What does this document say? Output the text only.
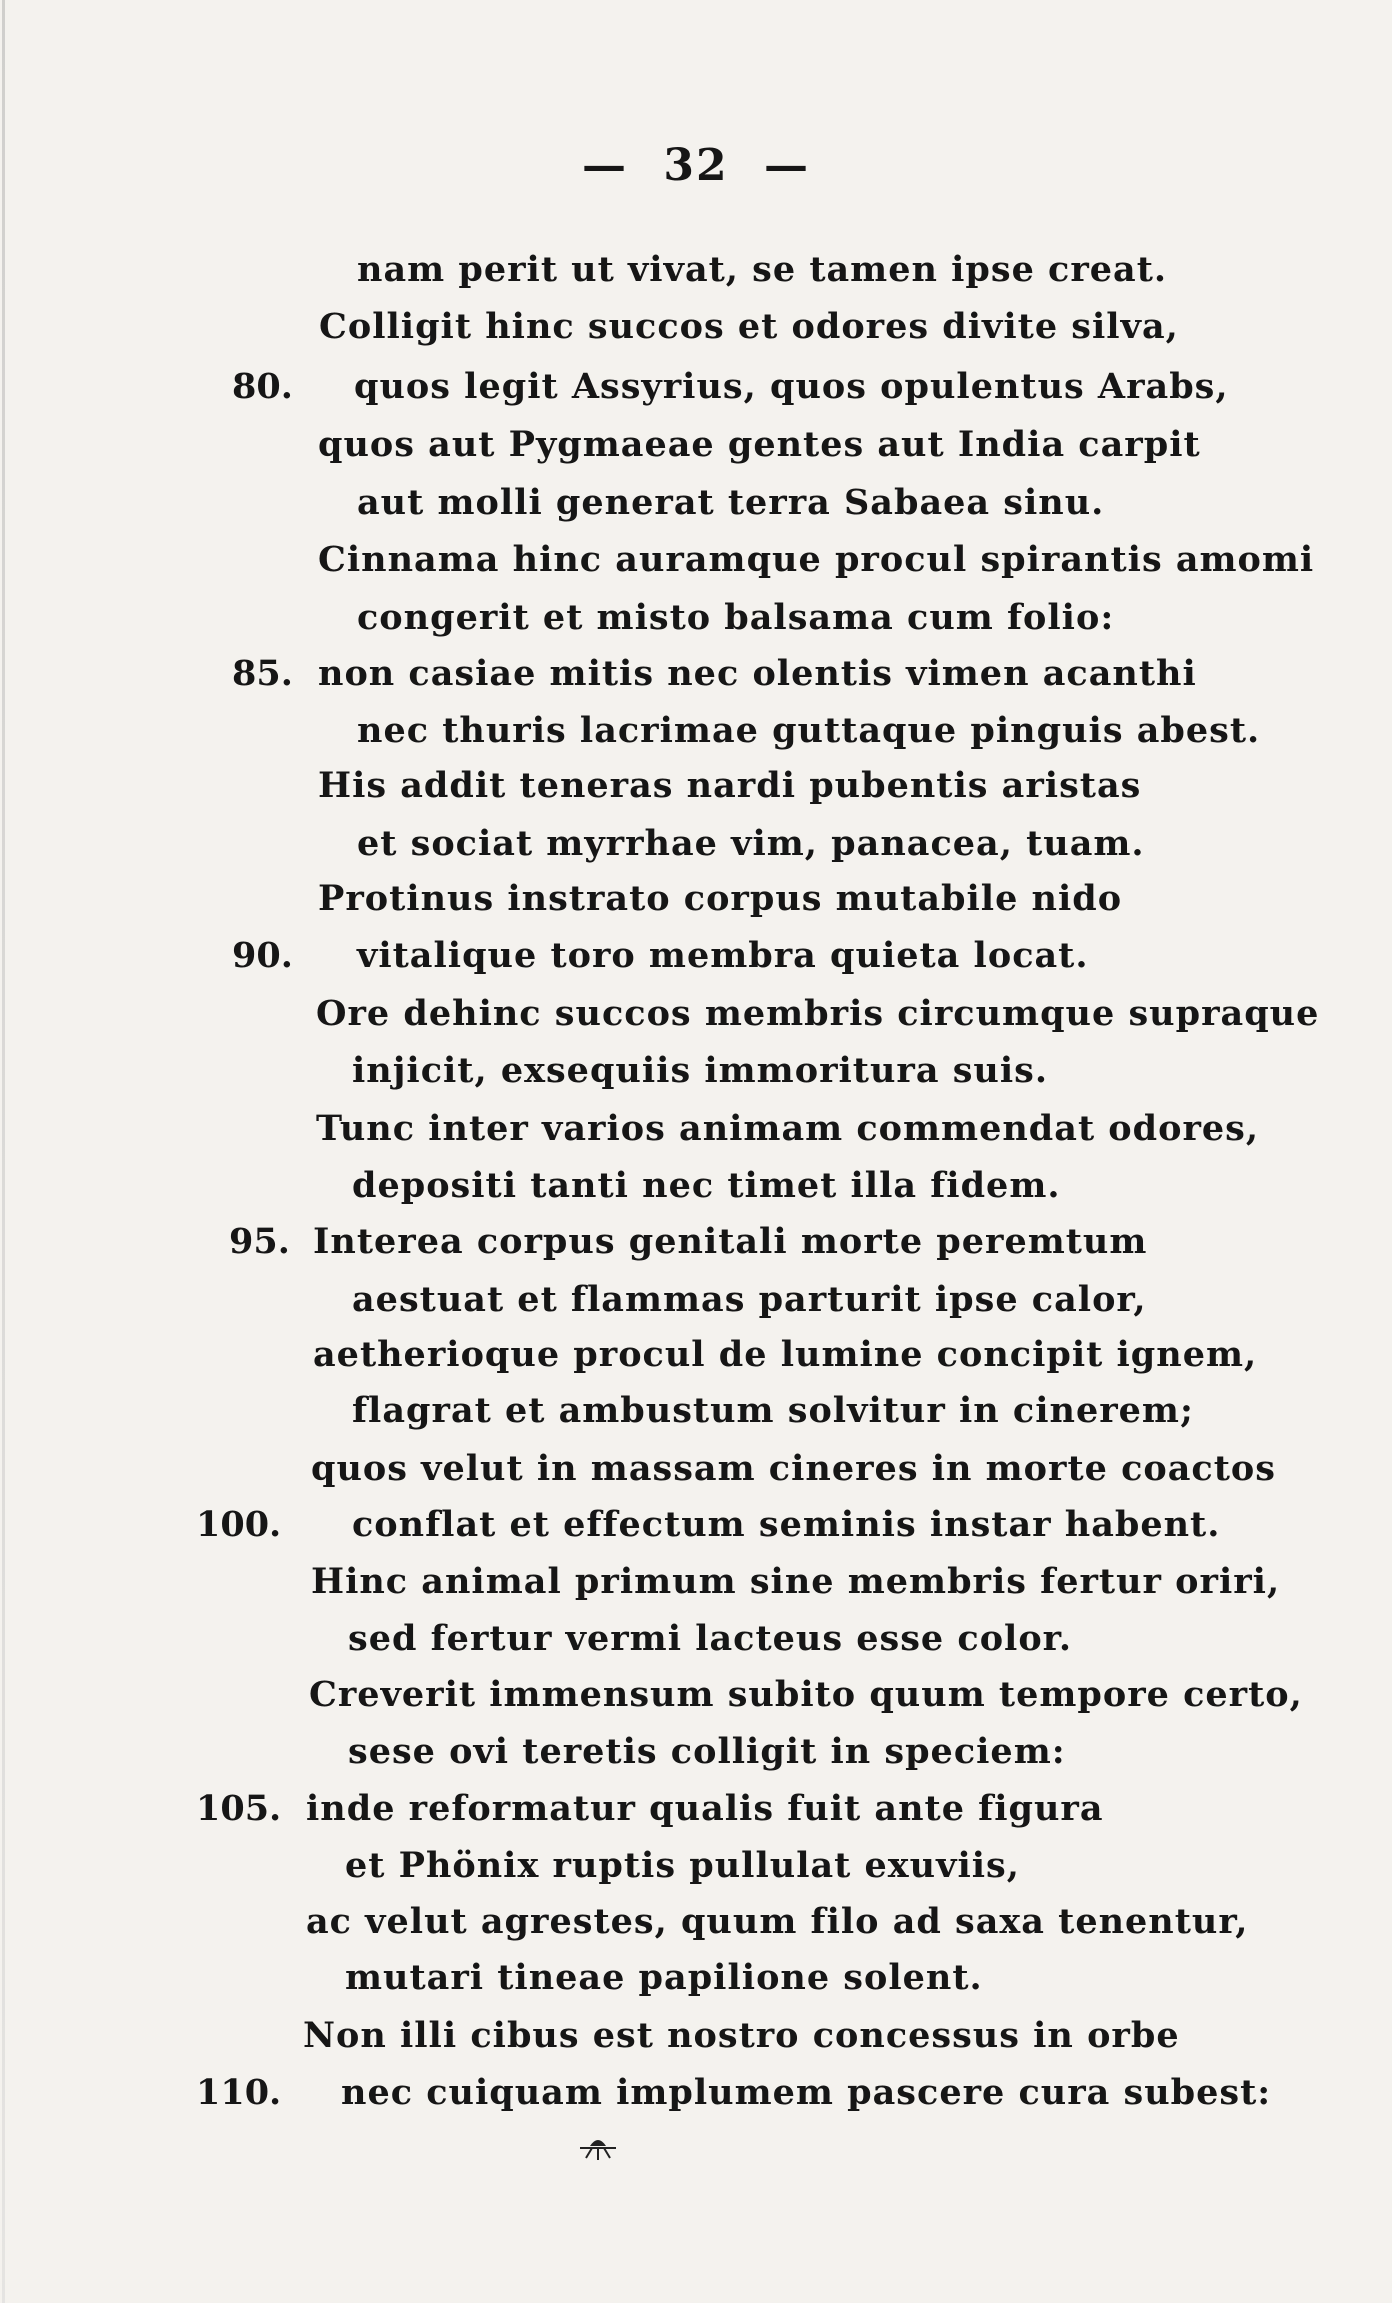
— 32 —
nam perit ut vivat, se tamen ipse creat.
Colligit hinc succos et odores divite silva,
80. quos legit Assyrius, quos opulentus Arabs,
quos aut Pygmaeae gentes aut India carpit
aut molli generat terra Sabaea sinu.
Cinnama hinc auramque procul spirantis amomi
congerit et misto balsama cum folio:
85. non casiae mitis nec olentis vimen acanthi
nec thuris lacrimae guttaque pinguis abest.
His addit teneras nardi pubentis aristas
et sociat myrrhae vim, panacea, tuam.
Protinus instrato corpus mutabile nido
90. vitalique toro membra quieta locat.
Ore dehinc succos membris circumque supraque
injicit, exsequiis immoritura suis.
Tunc inter varios animam commendat odores,
depositi tanti nec timet illa fidem.
95. Interea corpus genitali morte peremtum
aestuat et flammas parturit ipse calor,
aetherioque procul de lumine concipit ignem,
flagrat et ambustum solvitur in cinerem;
quos velut in massam cineres in morte coactos
100. conflat et effectum seminis instar habent.
Hinc animal primum sine membris fertur oriri,
sed fertur vermi lacteus esse color.
Creverit immensum subito quum tempore certo,
sese ovi teretis colligit in speciem:
105. inde reformatur qualis fuit ante figura
et Phönix ruptis pullulat exuviis,
ac velut agrestes, quum filo ad saxa tenentur,
mutari tineae papilione solent.
Non illi cibus est nostro concessus in orbe
110. nec cuiquam implumem pascere cura subest:
